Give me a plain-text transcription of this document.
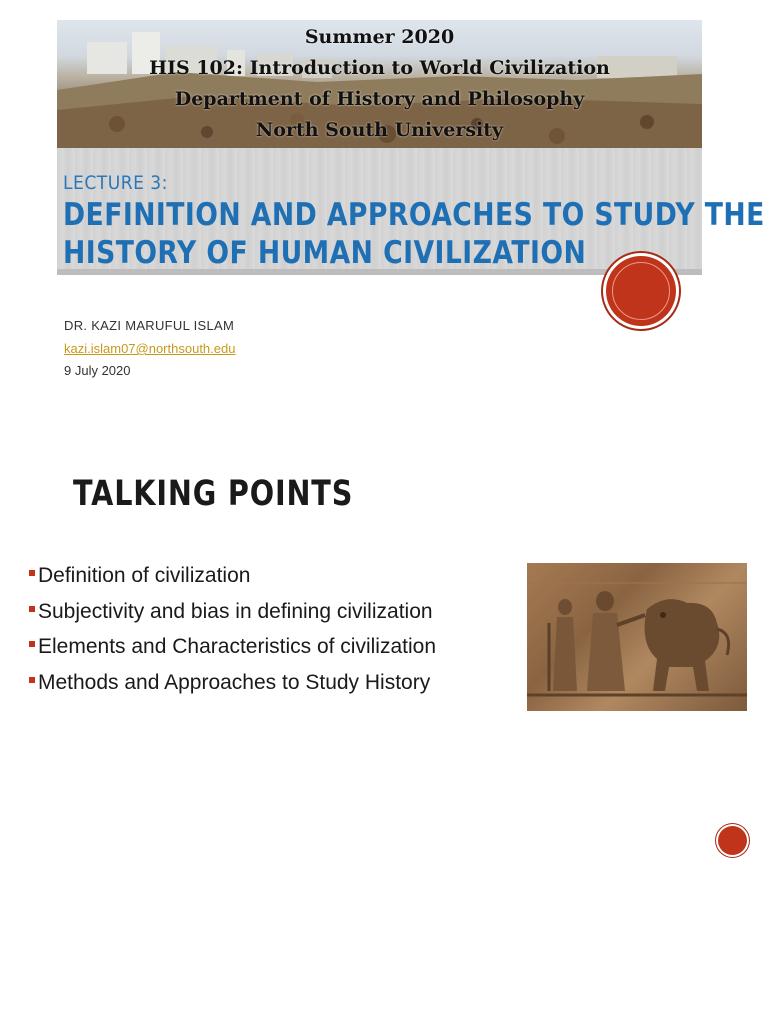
Summer 2020
HIS 102: Introduction to World Civilization
Department of History and Philosophy
North South University
LECTURE 3:
DEFINITION AND APPROACHES TO STUDY THE
HISTORY OF HUMAN CIVILIZATION
DR. KAZI MARUFUL ISLAM
kazi.islam07@northsouth.edu
9 July 2020
TALKING POINTS
Definition of civilization
Subjectivity and bias in defining civilization
Elements and Characteristics of civilization
Methods and Approaches to Study History
